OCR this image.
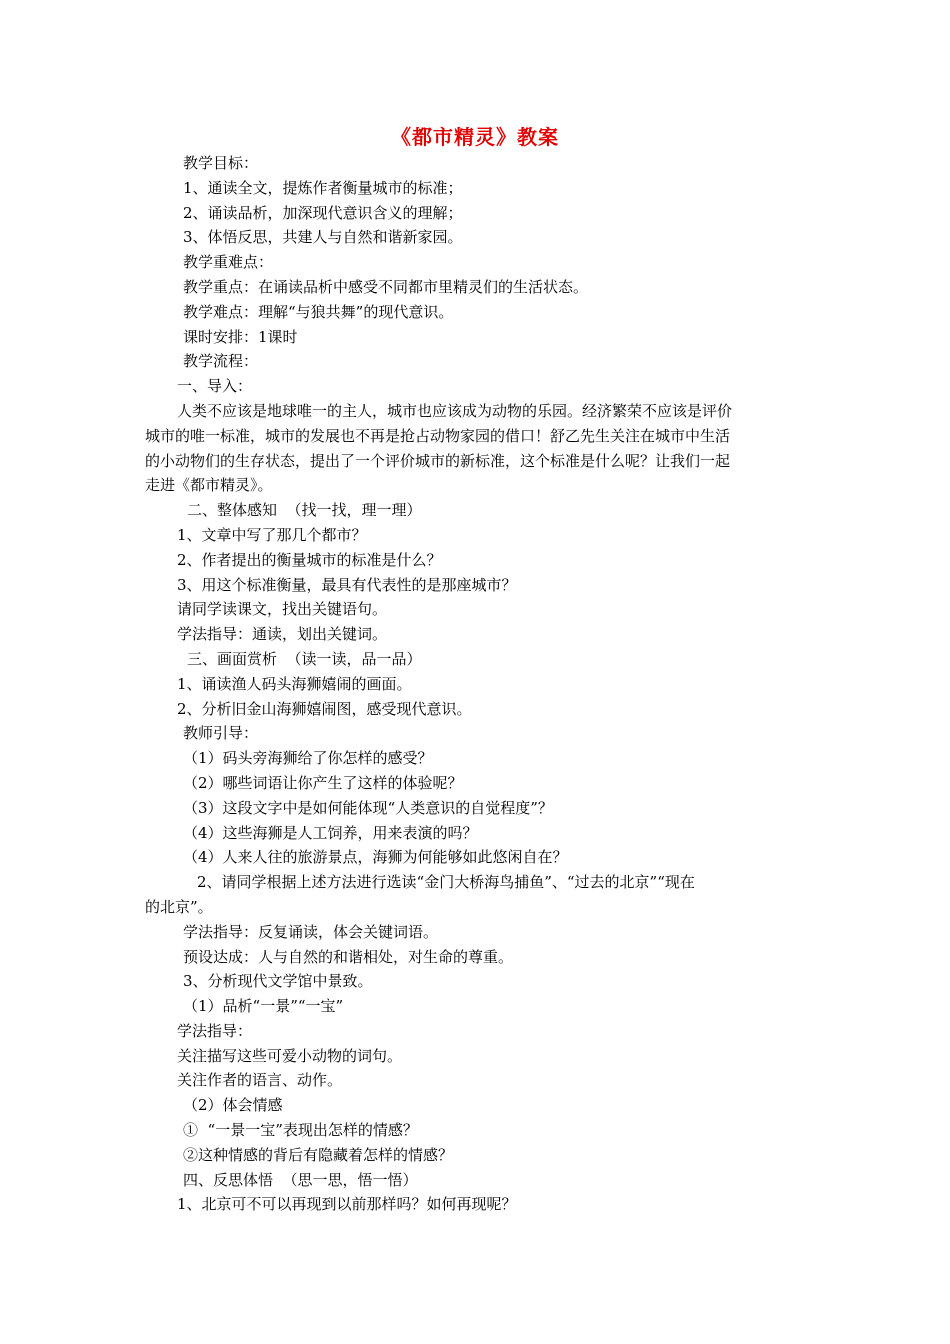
《都市精灵》教案
教学目标：
1、通读全文，提炼作者衡量城市的标准；
2、诵读品析，加深现代意识含义的理解；
3、体悟反思，共建人与自然和谐新家园。
教学重难点：
教学重点：在诵读品析中感受不同都市里精灵们的生活状态。
教学难点：理解“与狼共舞”的现代意识。
课时安排：1课时
教学流程：
一、导入：
人类不应该是地球唯一的主人，城市也应该成为动物的乐园。经济繁荣不应该是评价
城市的唯一标准，城市的发展也不再是抢占动物家园的借口！舒乙先生关注在城市中生活
的小动物们的生存状态，提出了一个评价城市的新标准，这个标准是什么呢？让我们一起
走进《都市精灵》。
二、整体感知  （找一找，理一理）
1、文章中写了那几个都市？
2、作者提出的衡量城市的标准是什么？
3、用这个标准衡量，最具有代表性的是那座城市？
请同学读课文，找出关键语句。
学法指导：通读，划出关键词。
三、画面赏析  （读一读，品一品）
1、诵读渔人码头海狮嬉闹的画面。
2、分析旧金山海狮嬉闹图，感受现代意识。
教师引导：
（1）码头旁海狮给了你怎样的感受？
（2）哪些词语让你产生了这样的体验呢？
（3）这段文字中是如何能体现“人类意识的自觉程度”？
（4）这些海狮是人工饲养，用来表演的吗？
（4）人来人往的旅游景点，海狮为何能够如此悠闲自在？
2、请同学根据上述方法进行选读“金门大桥海鸟捕鱼”、“过去的北京”“现在
的北京”。
学法指导：反复诵读，体会关键词语。
预设达成：人与自然的和谐相处，对生命的尊重。
3、分析现代文学馆中景致。
（1）品析“一景”“一宝”
学法指导：
关注描写这些可爱小动物的词句。
关注作者的语言、动作。
（2）体会情感
①  “一景一宝”表现出怎样的情感？
②这种情感的背后有隐藏着怎样的情感？
四、反思体悟  （思一思，悟一悟）
1、北京可不可以再现到以前那样吗？如何再现呢？
